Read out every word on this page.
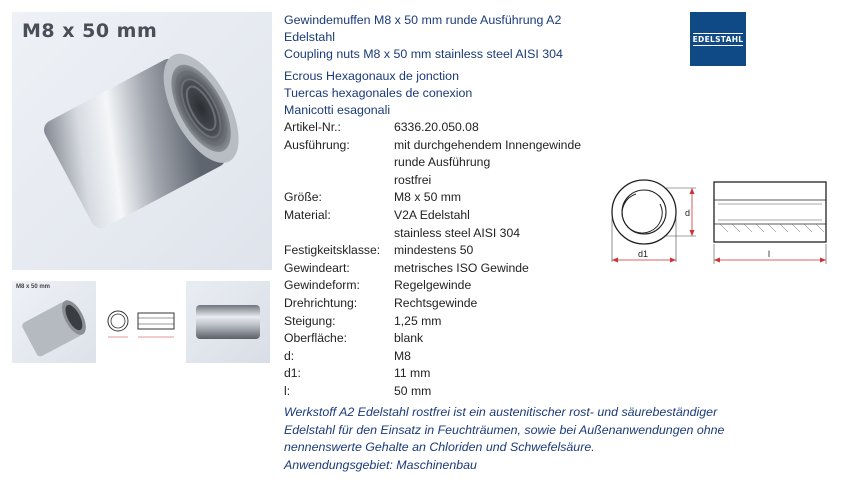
M8 x 50 mm
M8 x 50 mm
Gewindemuffen M8 x 50 mm runde Ausführung A2
Edelstahl
Coupling nuts M8 x 50 mm stainless steel AISI 304
Ecrous Hexagonaux de jonction
Tuercas hexagonales de conexion
Manicotti esagonali
Artikel-Nr.:	6336.20.050.08
Ausführung:	mit durchgehendem Innengewinde
runde Ausführung
rostfrei
Größe:	M8 x 50 mm
Material:	V2A Edelstahl
stainless steel AISI 304
Festigkeitsklasse:	mindestens 50
Gewindeart:	metrisches ISO Gewinde
Gewindeform:	Regelgewinde
Drehrichtung:	Rechtsgewinde
Steigung:	1,25 mm
Oberfläche:	blank
d:	M8
d1:	11 mm
l:	50 mm
Werkstoff A2 Edelstahl rostfrei ist ein austenitischer rost- und säurebeständiger
Edelstahl für den Einsatz in Feuchträumen, sowie bei Außenanwendungen ohne
nennenswerte Gehalte an Chloriden und Schwefelsäure.
Anwendungsgebiet: Maschinenbau
EDELSTAHL
d
d1	l
